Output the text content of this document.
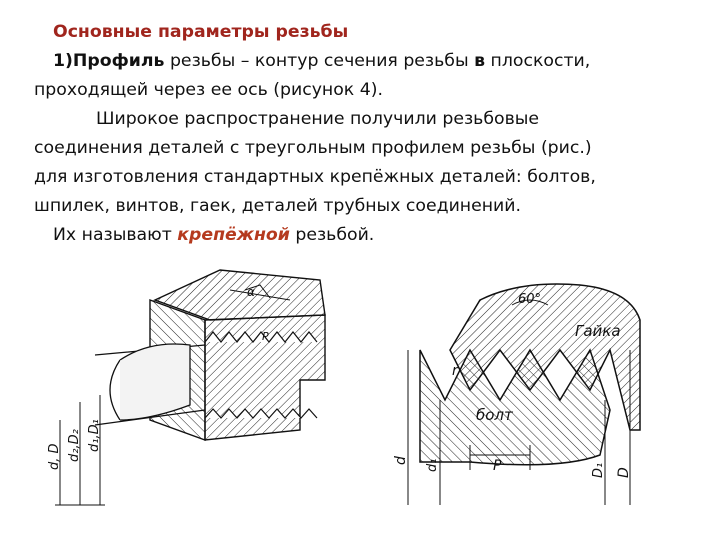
Основные параметры резьбы
1)Профиль резьбы – контур сечения резьбы в плоскости,
проходящей через ее ось (рисунок 4).
Широкое распространение получили резьбовые
соединения деталей с треугольным профилем резьбы (рис.)
для изготовления стандартных крепёжных деталей: болтов,
шпилек, винтов, гаек, деталей трубных соединений.
Их называют крепёжной резьбой.
d, D d₂,D₂ d₁,D₁
α
P
60°
Гайка
болт
r
P
d d₁	D₁ D
